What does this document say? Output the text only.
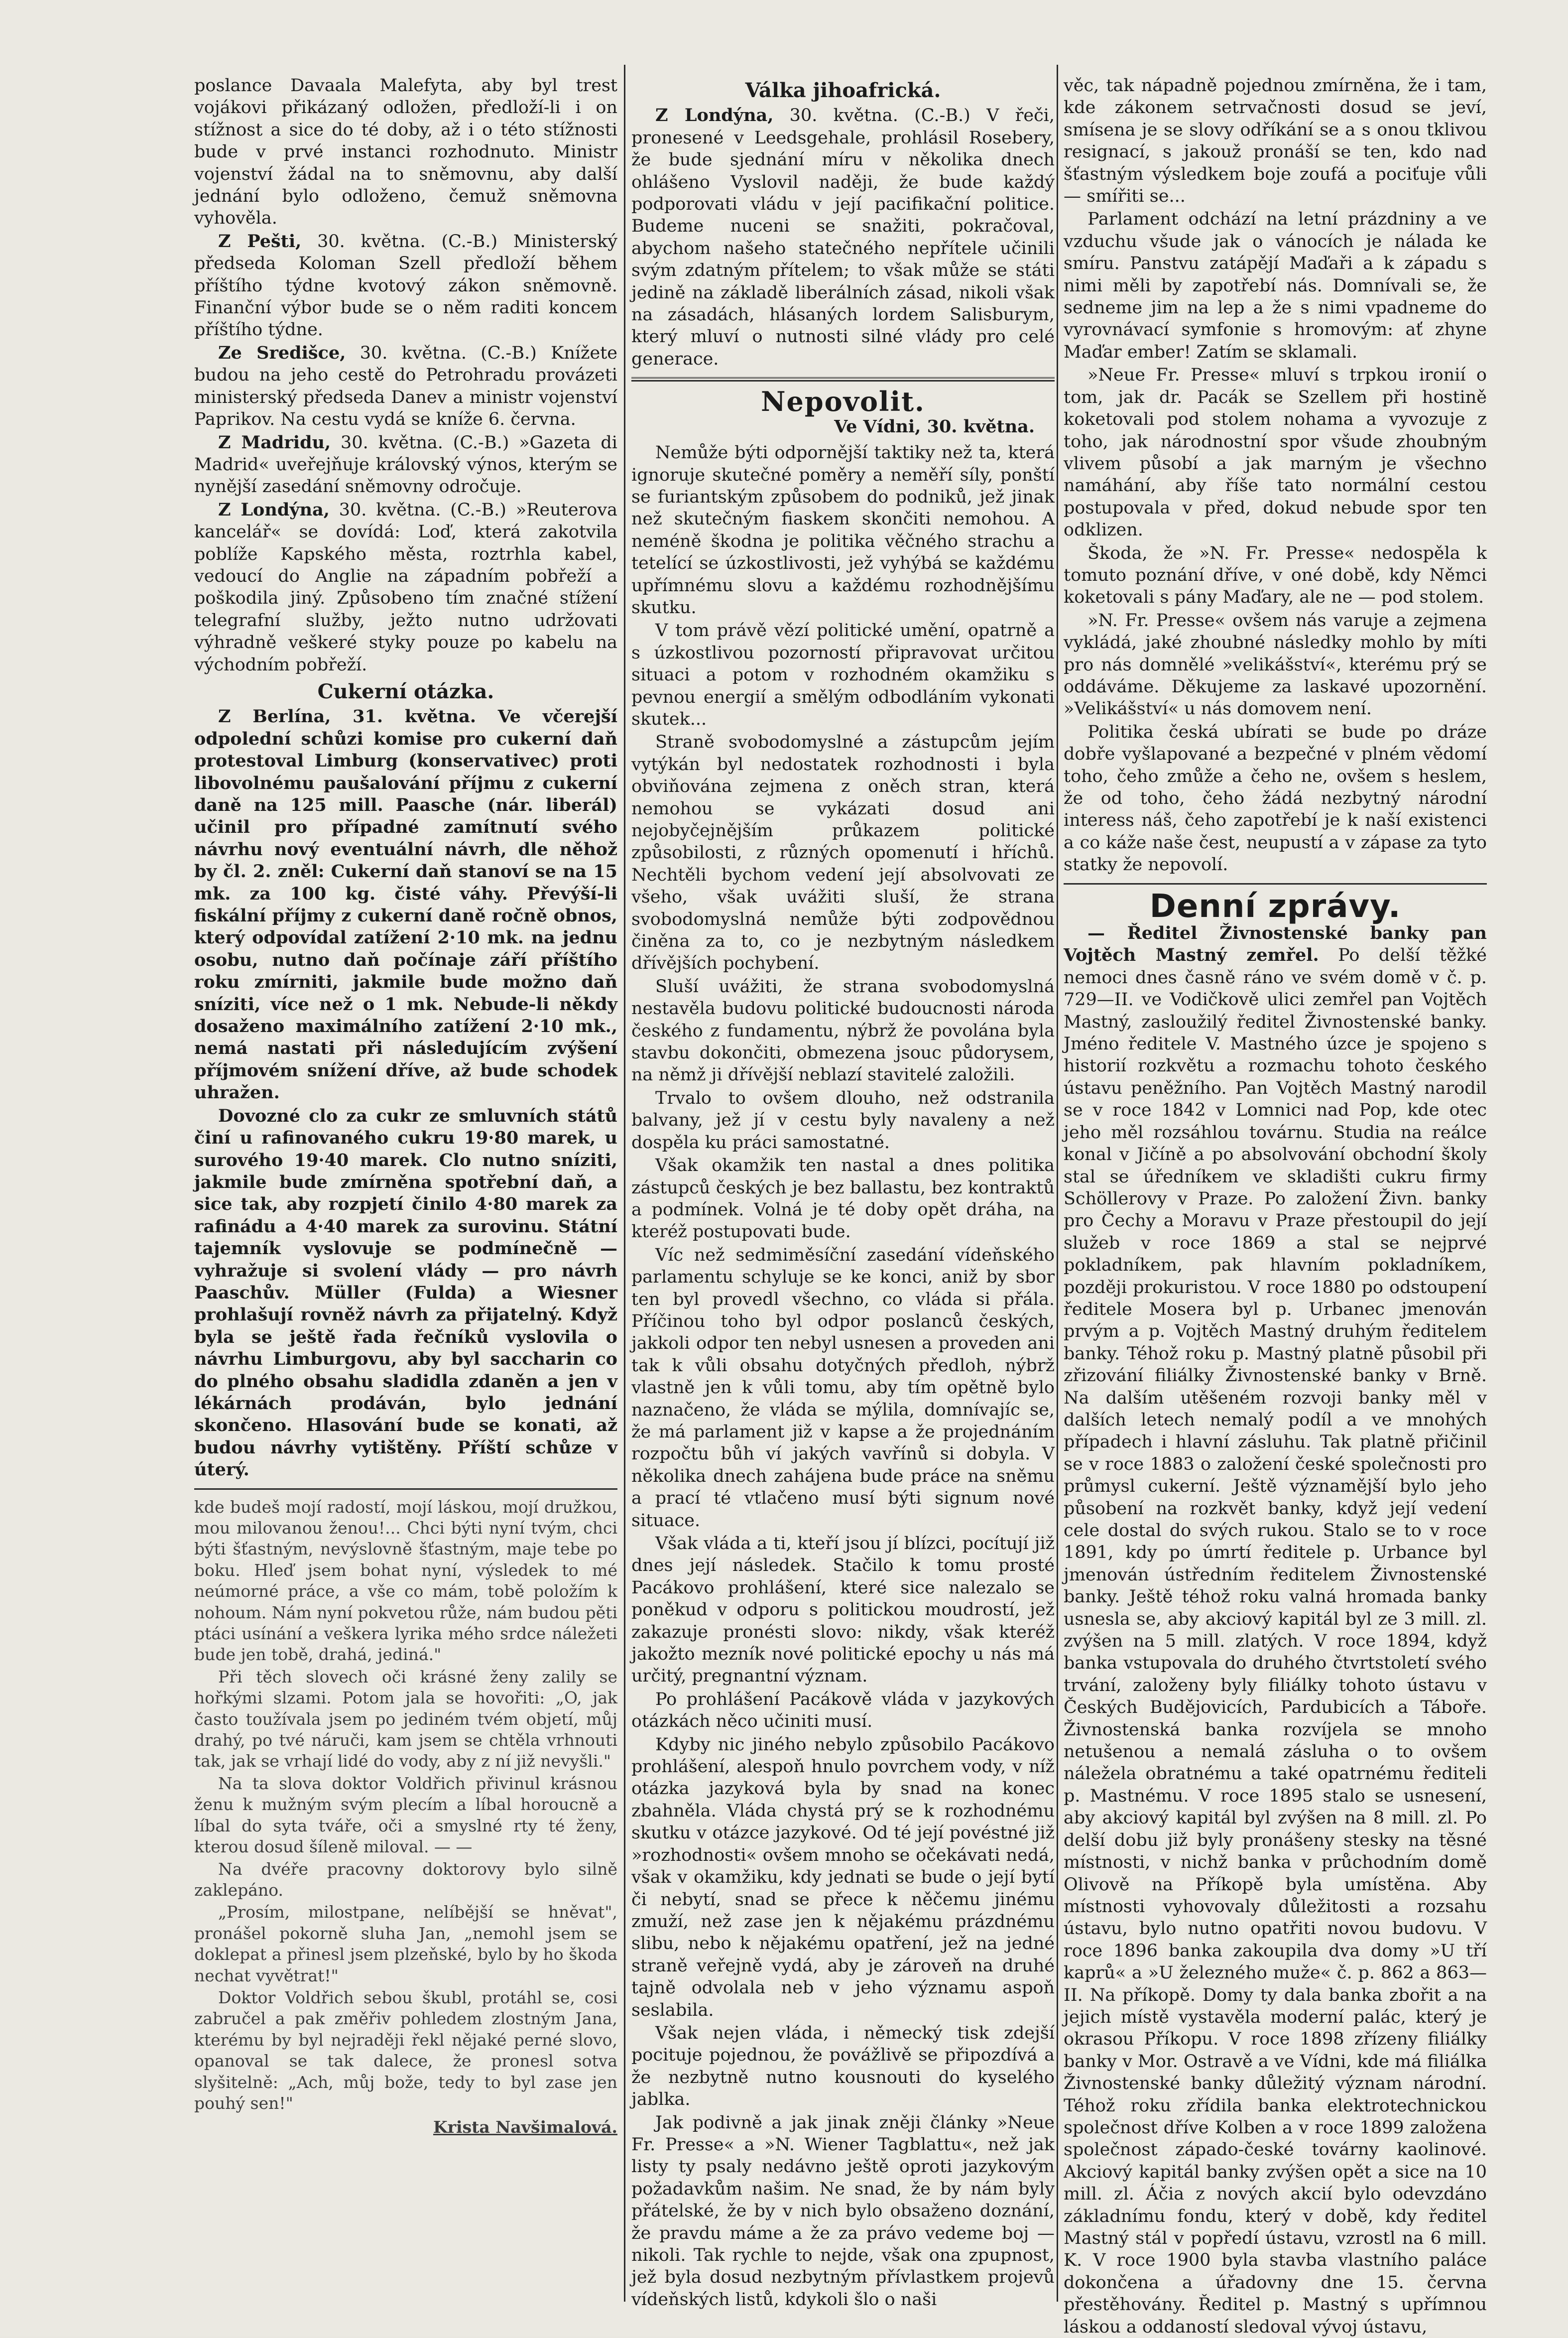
poslance Davaala Malefyta, aby byl trest vojákovi přikázaný odložen, předloží-li i on stížnost a sice do té doby, až i o této stížnosti bude v prvé instanci rozhodnuto. Ministr vojenství žádal na to sněmovnu, aby další jednání bylo odloženo, čemuž sněmovna vyhověla.

Z Pešti, 30. května. (C.-B.) Ministerský předseda Koloman Szell předloží během příštího týdne kvotový zákon sněmovně. Finanční výbor bude se o něm raditi koncem příštího týdne.

Ze Središce, 30. května. (C.-B.) Knížete budou na jeho cestě do Petrohradu provázeti ministerský předseda Danev a ministr vojenství Paprikov. Na cestu vydá se kníže 6. června.

Z Madridu, 30. května. (C.-B.) »Gazeta di Madrid« uveřejňuje královský výnos, kterým se nynější zasedání sněmovny odročuje.

Z Londýna, 30. května. (C.-B.) »Reuterova kancelář« se dovídá: Loď, která zakotvila poblíže Kapského města, roztrhla kabel, vedoucí do Anglie na západním pobřeží a poškodila jiný. Způsobeno tím značné stížení telegrafní služby, ježto nutno udržovati výhradně veškeré styky pouze po kabelu na východním pobřeží.

Cukerní otázka.

Z Berlína, 31. května. Ve včerejší odpolední schůzi komise pro cukerní daň protestoval Limburg (konservativec) proti libovolnému paušalování příjmu z cukerní daně na 125 mill. Paasche (nár. liberál) učinil pro případné zamítnutí svého návrhu nový eventuální návrh, dle něhož by čl. 2. zněl: Cukerní daň stanoví se na 15 mk. za 100 kg. čisté váhy. Převýší-li fiskální příjmy z cukerní daně ročně obnos, který odpovídal zatížení 2·10 mk. na jednu osobu, nutno daň počínaje září příštího roku zmírniti, jakmile bude možno daň sníziti, více než o 1 mk. Nebude-li někdy dosaženo maximálního zatížení 2·10 mk., nemá nastati při následujícím zvýšení příjmovém snížení dříve, až bude schodek uhražen.

Dovozné clo za cukr ze smluvních států činí u rafinovaného cukru 19·80 marek, u surového 19·40 marek. Clo nutno sníziti, jakmile bude zmírněna spotřební daň, a sice tak, aby rozpjetí činilo 4·80 marek za rafinádu a 4·40 marek za surovinu. Státní tajemník vyslovuje se podmínečně — vyhražuje si svolení vlády — pro návrh Paaschův. Müller (Fulda) a Wiesner prohlašují rovněž návrh za přijatelný. Když byla se ještě řada řečníků vyslovila o návrhu Limburgovu, aby byl saccharin co do plného obsahu sladidla zdaněn a jen v lékárnách prodáván, bylo jednání skončeno. Hlasování bude se konati, až budou návrhy vytištěny. Příští schůze v úterý.

kde budeš mojí radostí, mojí láskou, mojí družkou, mou milovanou ženou!... Chci býti nyní tvým, chci býti šťastným, nevýslovně šťastným, maje tebe po boku. Hleď jsem bohat nyní, výsledek to mé neúmorné práce, a vše co mám, tobě položím k nohoum. Nám nyní pokvetou růže, nám budou pěti ptáci usínání a veškera lyrika mého srdce náležeti bude jen tobě, drahá, jediná."

Při těch slovech oči krásné ženy zalily se hořkými slzami. Potom jala se hovořiti: „O, jak často toužívala jsem po jediném tvém objetí, můj drahý, po tvé náruči, kam jsem se chtěla vrhnouti tak, jak se vrhají lidé do vody, aby z ní již nevyšli."

Na ta slova doktor Voldřich přivinul krásnou ženu k mužným svým plecím a líbal horoucně a líbal do syta tváře, oči a smyslné rty té ženy, kterou dosud šíleně miloval. — —

Na dvéře pracovny doktorovy bylo silně zaklepáno.

„Prosím, milostpane, nelíbější se hněvat", pronášel pokorně sluha Jan, „nemohl jsem se doklepat a přinesl jsem plzeňské, bylo by ho škoda nechat vyvětrat!"

Doktor Voldřich sebou škubl, protáhl se, cosi zabručel a pak změřiv pohledem zlostným Jana, kterému by byl nejraději řekl nějaké perné slovo, opanoval se tak dalece, že pronesl sotva slyšitelně: „Ach, můj bože, tedy to byl zase jen pouhý sen!"

Krista Navšimalová.
Válka jihoafrická.

Z Londýna, 30. května. (C.-B.) V řeči, pronesené v Leedsgehale, prohlásil Rosebery, že bude sjednání míru v několika dnech ohlášeno Vyslovil naději, že bude každý podporovati vládu v její pacifikační politice. Budeme nuceni se snažiti, pokračoval, abychom našeho statečného nepřítele učinili svým zdatným přítelem; to však může se státi jedině na základě liberálních zásad, nikoli však na zásadách, hlásaných lordem Salisburym, který mluví o nutnosti silné vlády pro celé generace.

Nepovolit.

Ve Vídni, 30. května.

Nemůže býti odpornější taktiky než ta, která ignoruje skutečné poměry a neměří síly, ponští se furiantským způsobem do podniků, jež jinak než skutečným fiaskem skončiti nemohou. A neméně škodna je politika věčného strachu a tetelící se úzkostlivosti, jež vyhýbá se každému upřímnému slovu a každému rozhodnějšímu skutku.

V tom právě vězí politické umění, opatrně a s úzkostlivou pozorností připravovat určitou situaci a potom v rozhodném okamžiku s pevnou energií a smělým odbodláním vykonati skutek...

Straně svobodomyslné a zástupcům jejím vytýkán byl nedostatek rozhodnosti i byla obviňována zejmena z oněch stran, která nemohou se vykázati dosud ani nejobyčejnějším průkazem politické způsobilosti, z různých opomenutí i hříchů. Nechtěli bychom vedení její absolvovati ze všeho, však uvážiti sluší, že strana svobodomyslná nemůže býti zodpovědnou činěna za to, co je nezbytným následkem dřívějších pochybení.

Sluší uvážiti, že strana svobodomyslná nestavěla budovu politické budoucnosti národa českého z fundamentu, nýbrž že povolána byla stavbu dokončiti, obmezena jsouc půdorysem, na němž ji dřívější neblazí stavitelé založili.

Trvalo to ovšem dlouho, než odstranila balvany, jež jí v cestu byly navaleny a než dospěla ku práci samostatné.

Však okamžik ten nastal a dnes politika zástupců českých je bez ballastu, bez kontraktů a podmínek. Volná je té doby opět dráha, na kteréž postupovati bude.

Víc než sedmiměsíční zasedání vídeňského parlamentu schyluje se ke konci, aniž by sbor ten byl provedl všechno, co vláda si přála. Příčinou toho byl odpor poslanců českých, jakkoli odpor ten nebyl usnesen a proveden ani tak k vůli obsahu dotyčných předloh, nýbrž vlastně jen k vůli tomu, aby tím opětně bylo naznačeno, že vláda se mýlila, domnívajíc se, že má parlament již v kapse a že projednáním rozpočtu bůh ví jakých vavřínů si dobyla. V několika dnech zahájena bude práce na sněmu a prací té vtlačeno musí býti signum nové situace.

Však vláda a ti, kteří jsou jí blízci, pocítují již dnes její následek. Stačilo k tomu prosté Pacákovo prohlášení, které sice nalezalo se poněkud v odporu s politickou moudrostí, jež zakazuje pronésti slovo: nikdy, však kteréž jakožto mezník nové politické epochy u nás má určitý, pregnantní význam.

Po prohlášení Pacákově vláda v jazykových otázkách něco učiniti musí.

Kdyby nic jiného nebylo způsobilo Pacákovo prohlášení, alespoň hnulo povrchem vody, v níž otázka jazyková byla by snad na konec zbahněla. Vláda chystá prý se k rozhodnému skutku v otázce jazykové. Od té její povéstné již »rozhodnosti« ovšem mnoho se očekávati nedá, však v okamžiku, kdy jednati se bude o její bytí či nebytí, snad se přece k něčemu jinému zmuží, než zase jen k nějakému prázdnému slibu, nebo k nějakému opatření, jež na jedné straně veřejně vydá, aby je zároveň na druhé tajně odvolala neb v jeho významu aspoň seslabila.

Však nejen vláda, i německý tisk zdejší pocituje pojednou, že povážlivě se připozdívá a že nezbytně nutno kousnouti do kyselého jablka.

Jak podivně a jak jinak zněji články »Neue Fr. Presse« a »N. Wiener Tagblattu«, než jak listy ty psaly nedávno ještě oproti jazykovým požadavkům našim. Ne snad, že by nám byly přátelské, že by v nich bylo obsaženo doznání, že pravdu máme a že za právo vedeme boj — nikoli. Tak rychle to nejde, však ona zpupnost, jež byla dosud nezbytným přívlastkem projevů vídeňských listů, kdykoli šlo o naši

věc, tak nápadně pojednou zmírněna, že i tam, kde zákonem setrvačnosti dosud se jeví, smísena je se slovy odříkání se a s onou tklivou resignací, s jakouž pronáší se ten, kdo nad šťastným výsledkem boje zoufá a pociťuje vůli — smířiti se...

Parlament odchází na letní prázdniny a ve vzduchu všude jak o vánocích je nálada ke smíru. Panstvu zatápějí Maďaři a k západu s nimi měli by zapotřebí nás. Domnívali se, že sedneme jim na lep a že s nimi vpadneme do vyrovnávací symfonie s hromovým: ať zhyne Maďar ember! Zatím se sklamali.

»Neue Fr. Presse« mluví s trpkou ironií o tom, jak dr. Pacák se Szellem při hostině koketovali pod stolem nohama a vyvozuje z toho, jak národnostní spor všude zhoubným vlivem působí a jak marným je všechno namáhání, aby říše tato normální cestou postupovala v před, dokud nebude spor ten odklizen.

Škoda, že »N. Fr. Presse« nedospěla k tomuto poznání dříve, v oné době, kdy Němci koketovali s pány Maďary, ale ne — pod stolem.

»N. Fr. Presse« ovšem nás varuje a zejmena vykládá, jaké zhoubné následky mohlo by míti pro nás domnělé »velikášství«, kterému prý se oddáváme. Děkujeme za laskavé upozornění. »Velikášství« u nás domovem není.

Politika česká ubírati se bude po dráze dobře vyšlapované a bezpečné v plném vědomí toho, čeho zmůže a čeho ne, ovšem s heslem, že od toho, čeho žádá nezbytný národní interess náš, čeho zapotřebí je k naší existenci a co káže naše čest, neupustí a v zápase za tyto statky že nepovolí.

Denní zprávy.

— Ředitel Živnostenské banky pan Vojtěch Mastný zemřel. Po delší těžké nemoci dnes časně ráno ve svém domě v č. p. 729—II. ve Vodičkově ulici zemřel pan Vojtěch Mastný, zasloužilý ředitel Živnostenské banky. Jméno ředitele V. Mastného úzce je spojeno s historií rozkvětu a rozmachu tohoto českého ústavu peněžního. Pan Vojtěch Mastný narodil se v roce 1842 v Lomnici nad Pop, kde otec jeho měl rozsáhlou továrnu. Studia na reálce konal v Jičíně a po absolvování obchodní školy stal se úředníkem ve skladišti cukru firmy Schöllerovy v Praze. Po založení Živn. banky pro Čechy a Moravu v Praze přestoupil do její služeb v roce 1869 a stal se nejprvé pokladníkem, pak hlavním pokladníkem, později prokuristou. V roce 1880 po odstoupení ředitele Mosera byl p. Urbanec jmenován prvým a p. Vojtěch Mastný druhým ředitelem banky. Téhož roku p. Mastný platně působil při zřizování filiálky Živnostenské banky v Brně. Na dalším utěšeném rozvoji banky měl v dalších letech nemalý podíl a ve mnohých případech i hlavní zásluhu. Tak platně přičinil se v roce 1883 o založení české společnosti pro průmysl cukerní. Ještě významější bylo jeho působení na rozkvět banky, když její vedení cele dostal do svých rukou. Stalo se to v roce 1891, kdy po úmrtí ředitele p. Urbance byl jmenován ústředním ředitelem Živnostenské banky. Ještě téhož roku valná hromada banky usnesla se, aby akciový kapitál byl ze 3 mill. zl. zvýšen na 5 mill. zlatých. V roce 1894, když banka vstupovala do druhého čtvrtstoletí svého trvání, založeny byly filiálky tohoto ústavu v Českých Budějovicích, Pardubicích a Táboře. Živnostenská banka rozvíjela se mnoho netušenou a nemalá zásluha o to ovšem náležela obratnému a také opatrnému řediteli p. Mastnému. V roce 1895 stalo se usnesení, aby akciový kapitál byl zvýšen na 8 mill. zl. Po delší dobu již byly pronášeny stesky na těsné místnosti, v nichž banka v průchodním domě Olivově na Příkopě byla umístěna. Aby místnosti vyhovovaly důležitosti a rozsahu ústavu, bylo nutno opatřiti novou budovu. V roce 1896 banka zakoupila dva domy »U tří kaprů« a »U železného muže« č. p. 862 a 863—II. Na příkopě. Domy ty dala banka zbořit a na jejich místě vystavěla moderní palác, který je okrasou Příkopu. V roce 1898 zřízeny filiálky banky v Mor. Ostravě a ve Vídni, kde má filiálka Živnostenské banky důležitý význam národní. Téhož roku zřídila banka elektrotechnickou společnost dříve Kolben a v roce 1899 založena společnost západo-české továrny kaolinové. Akciový kapitál banky zvýšen opět a sice na 10 mill. zl. Áčia z nových akcií bylo odevzdáno základnímu fondu, který v době, kdy ředitel Mastný stál v popředí ústavu, vzrostl na 6 mill. K. V roce 1900 byla stavba vlastního paláce dokončena a úřadovny dne 15. června přestěhovány. Ředitel p. Mastný s upřímnou láskou a oddaností sledoval vývoj ústavu,
